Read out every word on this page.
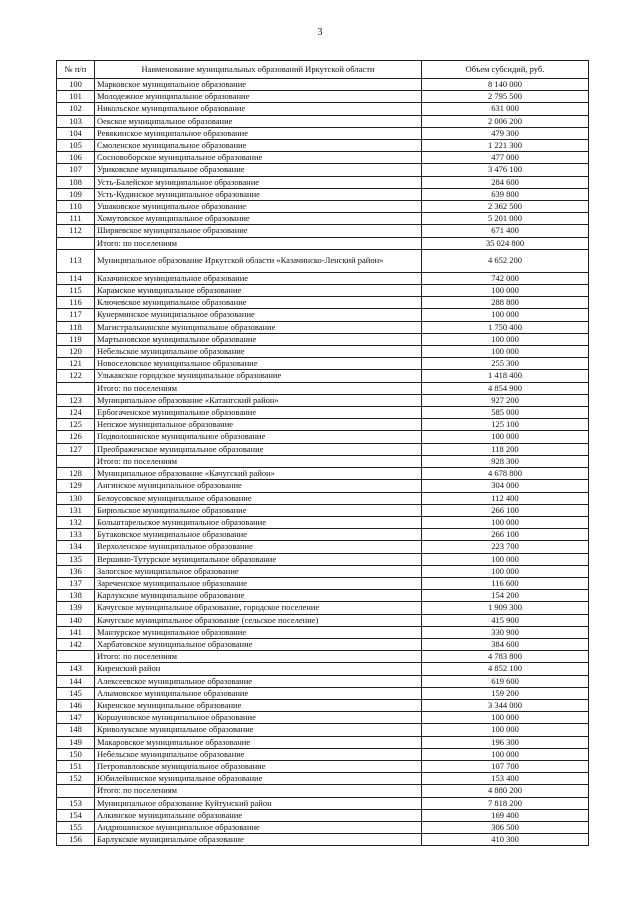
3
№ п/п	Наименование муниципальных образований Иркутской области	Объем субсидий, руб.
100	Марковское муниципальное образование	8 140 000
101	Молодежное муниципальное образование	2 795 500
102	Никольское муниципальное образование	631 000
103	Оекское муниципальное образование	2 006 200
104	Ревякинское муниципальное образование	479 300
105	Смоленское муниципальное образование	1 221 300
106	Сосновоборское муниципальное образование	477 000
107	Уриковское муниципальное образование	3 476 100
108	Усть-Балейское муниципальное образование	284 600
109	Усть-Кудинское муниципальное образование	639 800
110	Ушаковское муниципальное образование	2 362 500
111	Хомутовское муниципальное образование	5 201 000
112	Ширяевское муниципальное образование	671 400
	Итого: по поселениям	35 024 800
113	Муниципальное образование Иркутской области «Казачинско-Ленский район»	4 652 200
114	Казачинское муниципальное образование	742 000
115	Карамское муниципальное образование	100 000
116	Ключевское муниципальное образование	288 800
117	Кунерминское муниципальное образование	100 000
118	Магистральнинское муниципальное образование	1 750 400
119	Мартыновское муниципальное образование	100 000
120	Небельское муниципальное образование	100 000
121	Новоселовское муниципальное образование	255 300
122	Улькакское городское муниципальное образование	1 418 400
	Итого: по поселениям	4 854 900
123	Муниципальное образование «Катангский район»	927 200
124	Ербогаченское муниципальное образование	585 000
125	Непское муниципальное образование	125 100
126	Подволошинское муниципальное образование	100 000
127	Преображенское муниципальное образование	118 200
	Итого: по поселениям	928 300
128	Муниципальное образование «Качугский район»	4 678 800
129	Ангинское муниципальное образование	304 000
130	Белоусовское муниципальное образование	112 400
131	Бирюльское муниципальное образование	266 100
132	Больштарельское муниципальное образование	100 000
133	Бутаковское муниципальное образование	266 100
134	Верхоленское муниципальное образование	223 700
135	Вершино-Тутурское муниципальное образование	100 000
136	Залогское муниципальное образование	100 000
137	Зареченское муниципальное образование	116 600
138	Карлукское муниципальное образование	154 200
139	Качугское муниципальное образование, городское поселение	1 909 300
140	Качугское муниципальное образование (сельское поселение)	415 900
141	Манзурское муниципальное образование	330 900
142	Харбатовское муниципальное образование	384 600
	Итого: по поселениям	4 783 800
143	Киренский район	4 852 100
144	Алексеевское муниципальное образование	619 600
145	Алымовское муниципальное образование	159 200
146	Киренское муниципальное образование	3 344 000
147	Коршуновское муниципальное образование	100 000
148	Криволукское муниципальное образование	100 000
149	Макаровское муниципальное образование	196 300
150	Небельское муниципальное образование	100 000
151	Петропавловское муниципальное образование	107 700
152	Юбилейнинское муниципальное образование	153 400
	Итого: по поселениям	4 880 200
153	Муниципальное образование Куйтунский район	7 818 200
154	Алкинское муниципальное образование	169 400
155	Андрюшинское муниципальное образование	306 500
156	Барлукское муниципальное образование	410 300
